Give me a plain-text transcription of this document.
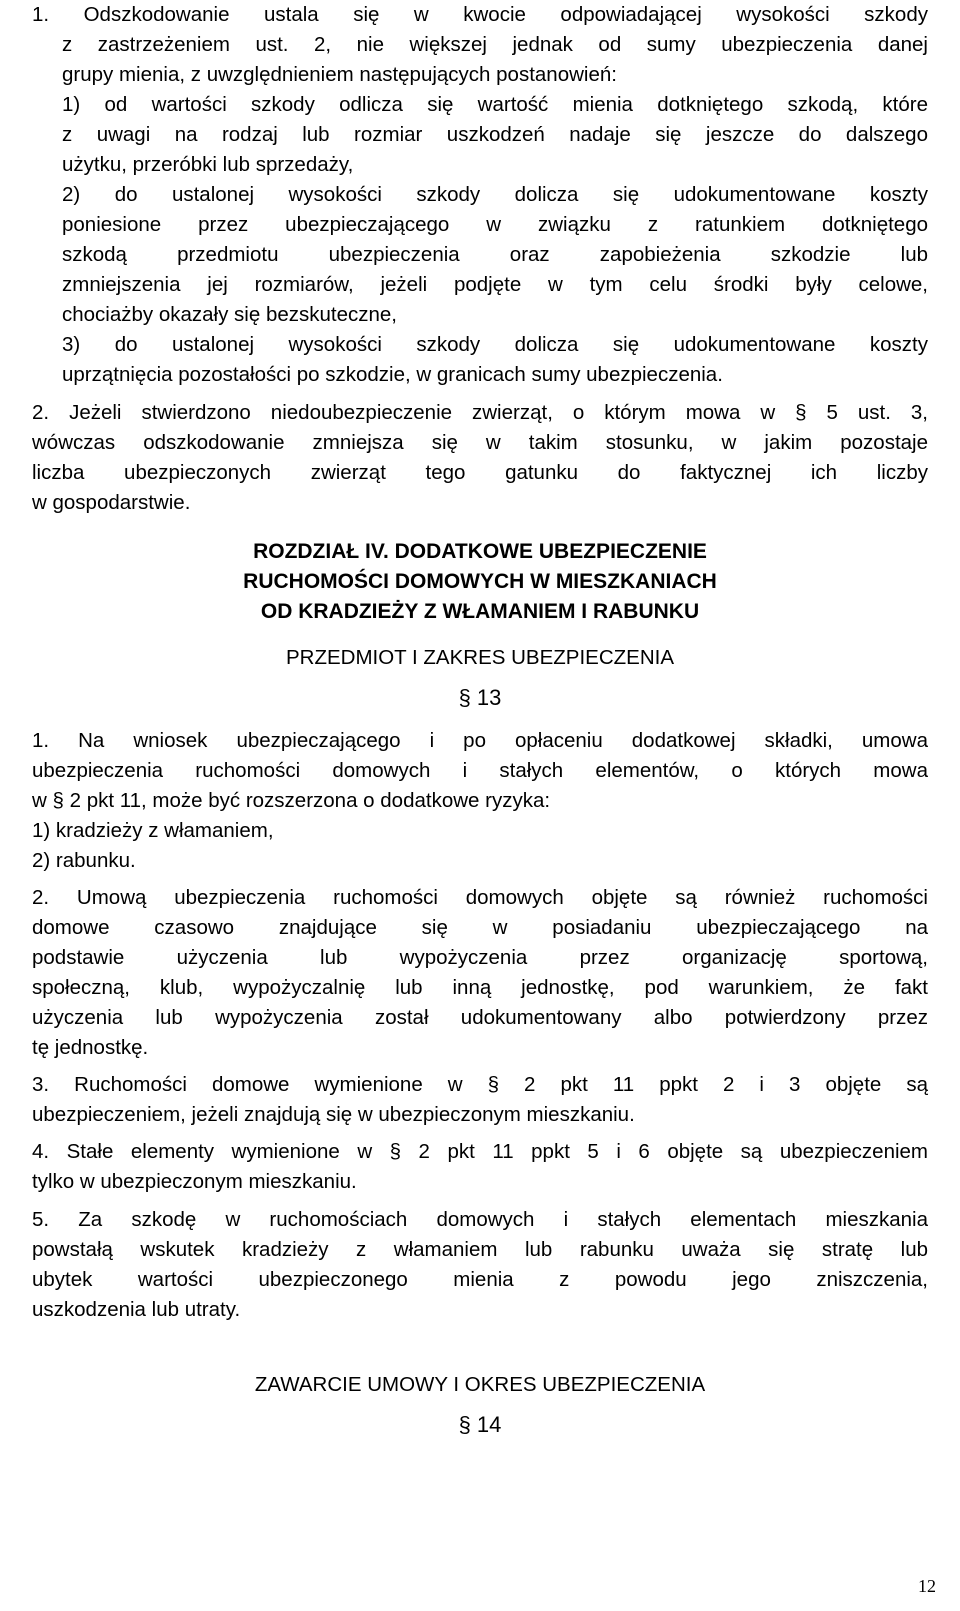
1. Odszkodowanie ustala się w kwocie odpowiadającej wysokości szkody
z zastrzeżeniem ust. 2, nie większej jednak od sumy ubezpieczenia danej
grupy mienia, z uwzględnieniem następujących postanowień:
1) od wartości szkody odlicza się wartość mienia dotkniętego szkodą, które
z uwagi na rodzaj lub rozmiar uszkodzeń nadaje się jeszcze do dalszego
użytku, przeróbki lub sprzedaży,
2) do ustalonej wysokości szkody dolicza się udokumentowane koszty
poniesione przez ubezpieczającego w związku z ratunkiem dotkniętego
szkodą przedmiotu ubezpieczenia oraz zapobieżenia szkodzie lub
zmniejszenia jej rozmiarów, jeżeli podjęte w tym celu środki były celowe,
chociażby okazały się bezskuteczne,
3) do ustalonej wysokości szkody dolicza się udokumentowane koszty
uprzątnięcia pozostałości po szkodzie, w granicach sumy ubezpieczenia.
2. Jeżeli stwierdzono niedoubezpieczenie zwierząt, o którym mowa w § 5 ust. 3,
wówczas odszkodowanie zmniejsza się w takim stosunku, w jakim pozostaje
liczba ubezpieczonych zwierząt tego gatunku do faktycznej ich liczby
w gospodarstwie.
ROZDZIAŁ IV. DODATKOWE UBEZPIECZENIE
RUCHOMOŚCI DOMOWYCH W MIESZKANIACH
OD KRADZIEŻY Z WŁAMANIEM I RABUNKU
PRZEDMIOT I ZAKRES UBEZPIECZENIA
§ 13
1. Na wniosek ubezpieczającego i po opłaceniu dodatkowej składki, umowa
ubezpieczenia ruchomości domowych i stałych elementów, o których mowa
w § 2 pkt 11, może być rozszerzona o dodatkowe ryzyka:
1) kradzieży z włamaniem,
2) rabunku.
2. Umową ubezpieczenia ruchomości domowych objęte są również ruchomości
domowe czasowo znajdujące się w posiadaniu ubezpieczającego na
podstawie użyczenia lub wypożyczenia przez organizację sportową,
społeczną, klub, wypożyczalnię lub inną jednostkę, pod warunkiem, że fakt
użyczenia lub wypożyczenia został udokumentowany albo potwierdzony przez
tę jednostkę.
3. Ruchomości domowe wymienione w § 2 pkt 11 ppkt 2 i 3 objęte są
ubezpieczeniem, jeżeli znajdują się w ubezpieczonym mieszkaniu.
4. Stałe elementy wymienione w § 2 pkt 11 ppkt 5 i 6 objęte są ubezpieczeniem
tylko w ubezpieczonym mieszkaniu.
5. Za szkodę w ruchomościach domowych i stałych elementach mieszkania
powstałą wskutek kradzieży z włamaniem lub rabunku uważa się stratę lub
ubytek wartości ubezpieczonego mienia z powodu jego zniszczenia,
uszkodzenia lub utraty.
ZAWARCIE UMOWY I OKRES UBEZPIECZENIA
§ 14
12
